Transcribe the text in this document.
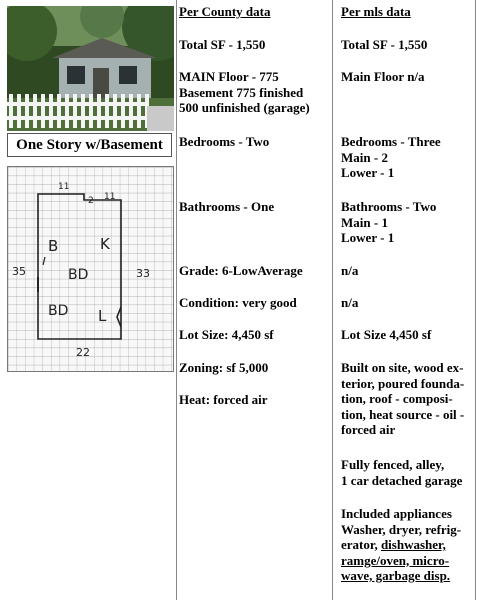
One Story w/Basement
11
2 11
35	33
22
B	K
BD
BD L

Per County data

Total SF - 1,550

MAIN Floor - 775
Basement 775 finished
500 unfinished (garage)

Bedrooms - Two

Bathrooms - One

Grade: 6-LowAverage

Condition: very good

Lot Size: 4,450 sf

Zoning: sf 5,000

Heat: forced air

Per mls data

Total SF - 1,550

Main Floor n/a

Bedrooms - Three
Main - 2
Lower - 1

Bathrooms - Two
Main - 1
Lower - 1

n/a

n/a

Lot Size 4,450 sf

Built on site, wood ex-
terior, poured founda-
tion, roof - composi-
tion, heat source - oil -
forced air

Fully fenced, alley,
1 car detached garage

Included appliances
Washer, dryer, refrig-
erator, dishwasher,
ramge/oven, micro-
wave, garbage disp.
